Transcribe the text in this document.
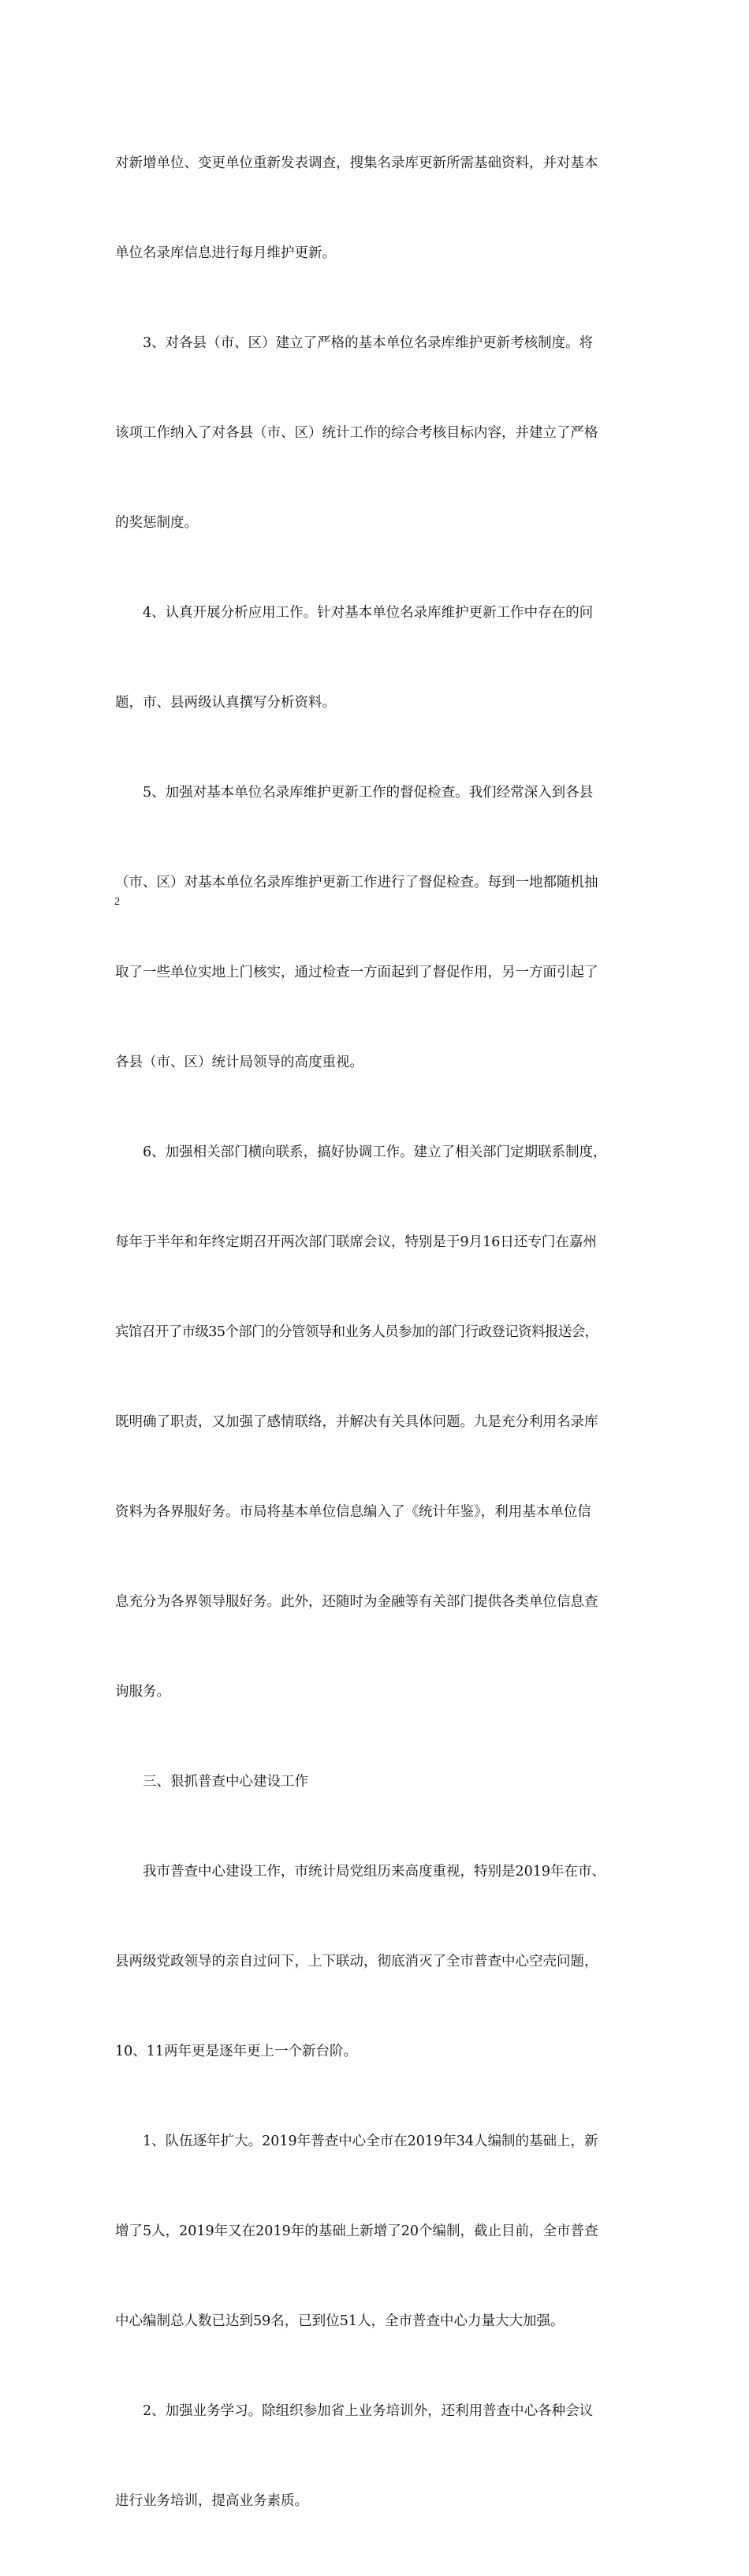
对新增单位、变更单位重新发表调查，搜集名录库更新所需基础资料，并对基本

单位名录库信息进行每月维护更新。

　　3、对各县（市、区）建立了严格的基本单位名录库维护更新考核制度。将

该项工作纳入了对各县（市、区）统计工作的综合考核目标内容，并建立了严格

的奖惩制度。

　　4、认真开展分析应用工作。针对基本单位名录库维护更新工作中存在的问

题，市、县两级认真撰写分析资料。

　　5、加强对基本单位名录库维护更新工作的督促检查。我们经常深入到各县

（市、区）对基本单位名录库维护更新工作进行了督促检查。每到一地都随机抽

取了一些单位实地上门核实，通过检查一方面起到了督促作用，另一方面引起了

各县（市、区）统计局领导的高度重视。

　　6、加强相关部门横向联系，搞好协调工作。建立了相关部门定期联系制度，

每年于半年和年终定期召开两次部门联席会议，特别是于9月16日还专门在嘉州

宾馆召开了市级35个部门的分管领导和业务人员参加的部门行政登记资料报送会，

既明确了职责，又加强了感情联络，并解决有关具体问题。九是充分利用名录库

资料为各界服好务。市局将基本单位信息编入了《统计年鉴》，利用基本单位信

息充分为各界领导服好务。此外，还随时为金融等有关部门提供各类单位信息查

询服务。

　　三、狠抓普查中心建设工作

　　我市普查中心建设工作，市统计局党组历来高度重视，特别是2019年在市、

县两级党政领导的亲自过问下，上下联动，彻底消灭了全市普查中心空壳问题，

10、11两年更是逐年更上一个新台阶。

　　1、队伍逐年扩大。2019年普查中心全市在2019年34人编制的基础上，新

增了5人，2019年又在2019年的基础上新增了20个编制，截止目前，全市普查

中心编制总人数已达到59名，已到位51人，全市普查中心力量大大加强。

　　2、加强业务学习。除组织参加省上业务培训外，还利用普查中心各种会议

进行业务培训，提高业务素质。

2
